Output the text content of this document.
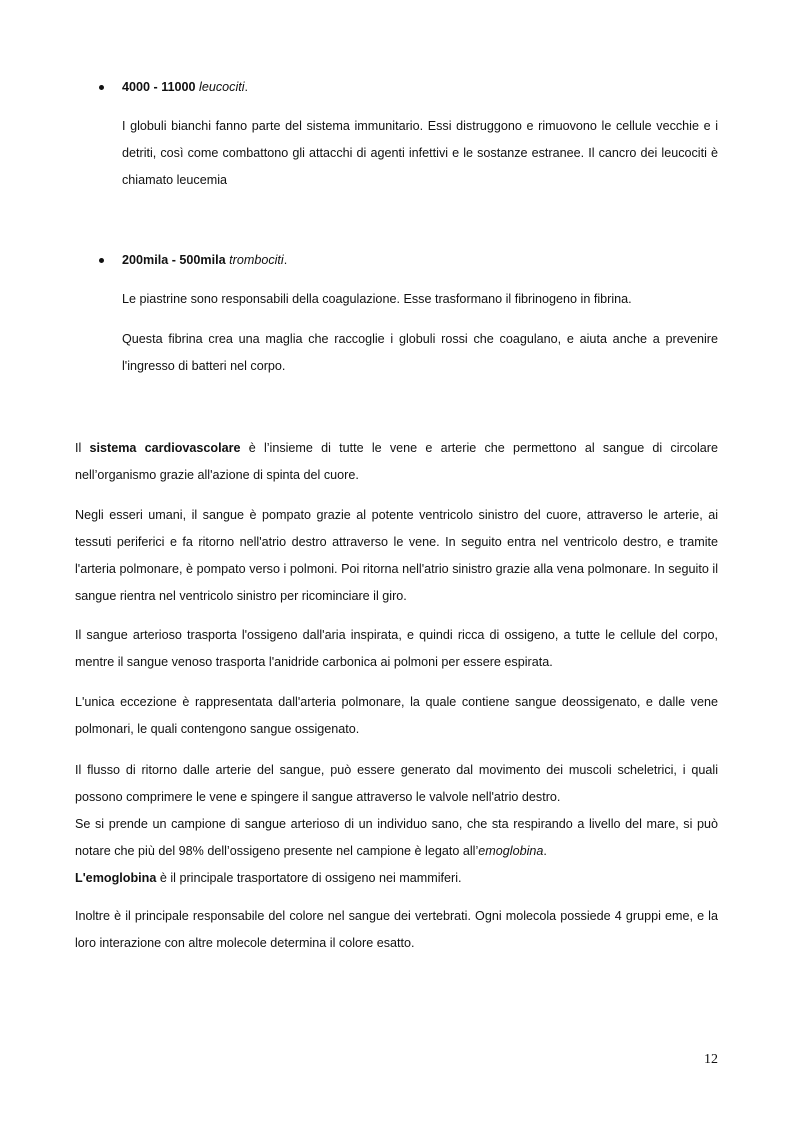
4000 - 11000 leucociti.

I globuli bianchi fanno parte del sistema immunitario. Essi distruggono e rimuovono le cellule vecchie e i detriti, così come combattono gli attacchi di agenti infettivi e le sostanze estranee. Il cancro dei leucociti è chiamato leucemia

200mila - 500mila trombociti.

Le piastrine sono responsabili della coagulazione. Esse trasformano il fibrinogeno in fibrina.

Questa fibrina crea una maglia che raccoglie i globuli rossi che coagulano, e aiuta anche a prevenire l'ingresso di batteri nel corpo.

Il sistema cardiovascolare è l’insieme di tutte le vene e arterie che permettono al sangue di circolare nell’organismo grazie all'azione di spinta del cuore.

Negli esseri umani, il sangue è pompato grazie al potente ventricolo sinistro del cuore, attraverso le arterie, ai tessuti periferici e fa ritorno nell'atrio destro attraverso le vene. In seguito entra nel ventricolo destro, e tramite l'arteria polmonare, è pompato verso i polmoni. Poi ritorna nell'atrio sinistro grazie alla vena polmonare. In seguito il sangue rientra nel ventricolo sinistro per ricominciare il giro.

Il sangue arterioso trasporta l'ossigeno dall'aria inspirata, e quindi ricca di ossigeno, a tutte le cellule del corpo, mentre il sangue venoso trasporta l'anidride carbonica ai polmoni per essere espirata.

L'unica eccezione è rappresentata dall'arteria polmonare, la quale contiene sangue deossigenato, e dalle vene polmonari, le quali contengono sangue ossigenato.

Il flusso di ritorno dalle arterie del sangue, può essere generato dal movimento dei muscoli scheletrici, i quali possono comprimere le vene e spingere il sangue attraverso le valvole nell'atrio destro.
Se si prende un campione di sangue arterioso di un individuo sano, che sta respirando a livello del mare, si può notare che più del 98% dell’ossigeno presente nel campione è legato all’emoglobina.
L'emoglobina è il principale trasportatore di ossigeno nei mammiferi.

Inoltre è il principale responsabile del colore nel sangue dei vertebrati. Ogni molecola possiede 4 gruppi eme, e la loro interazione con altre molecole determina il colore esatto.

12
